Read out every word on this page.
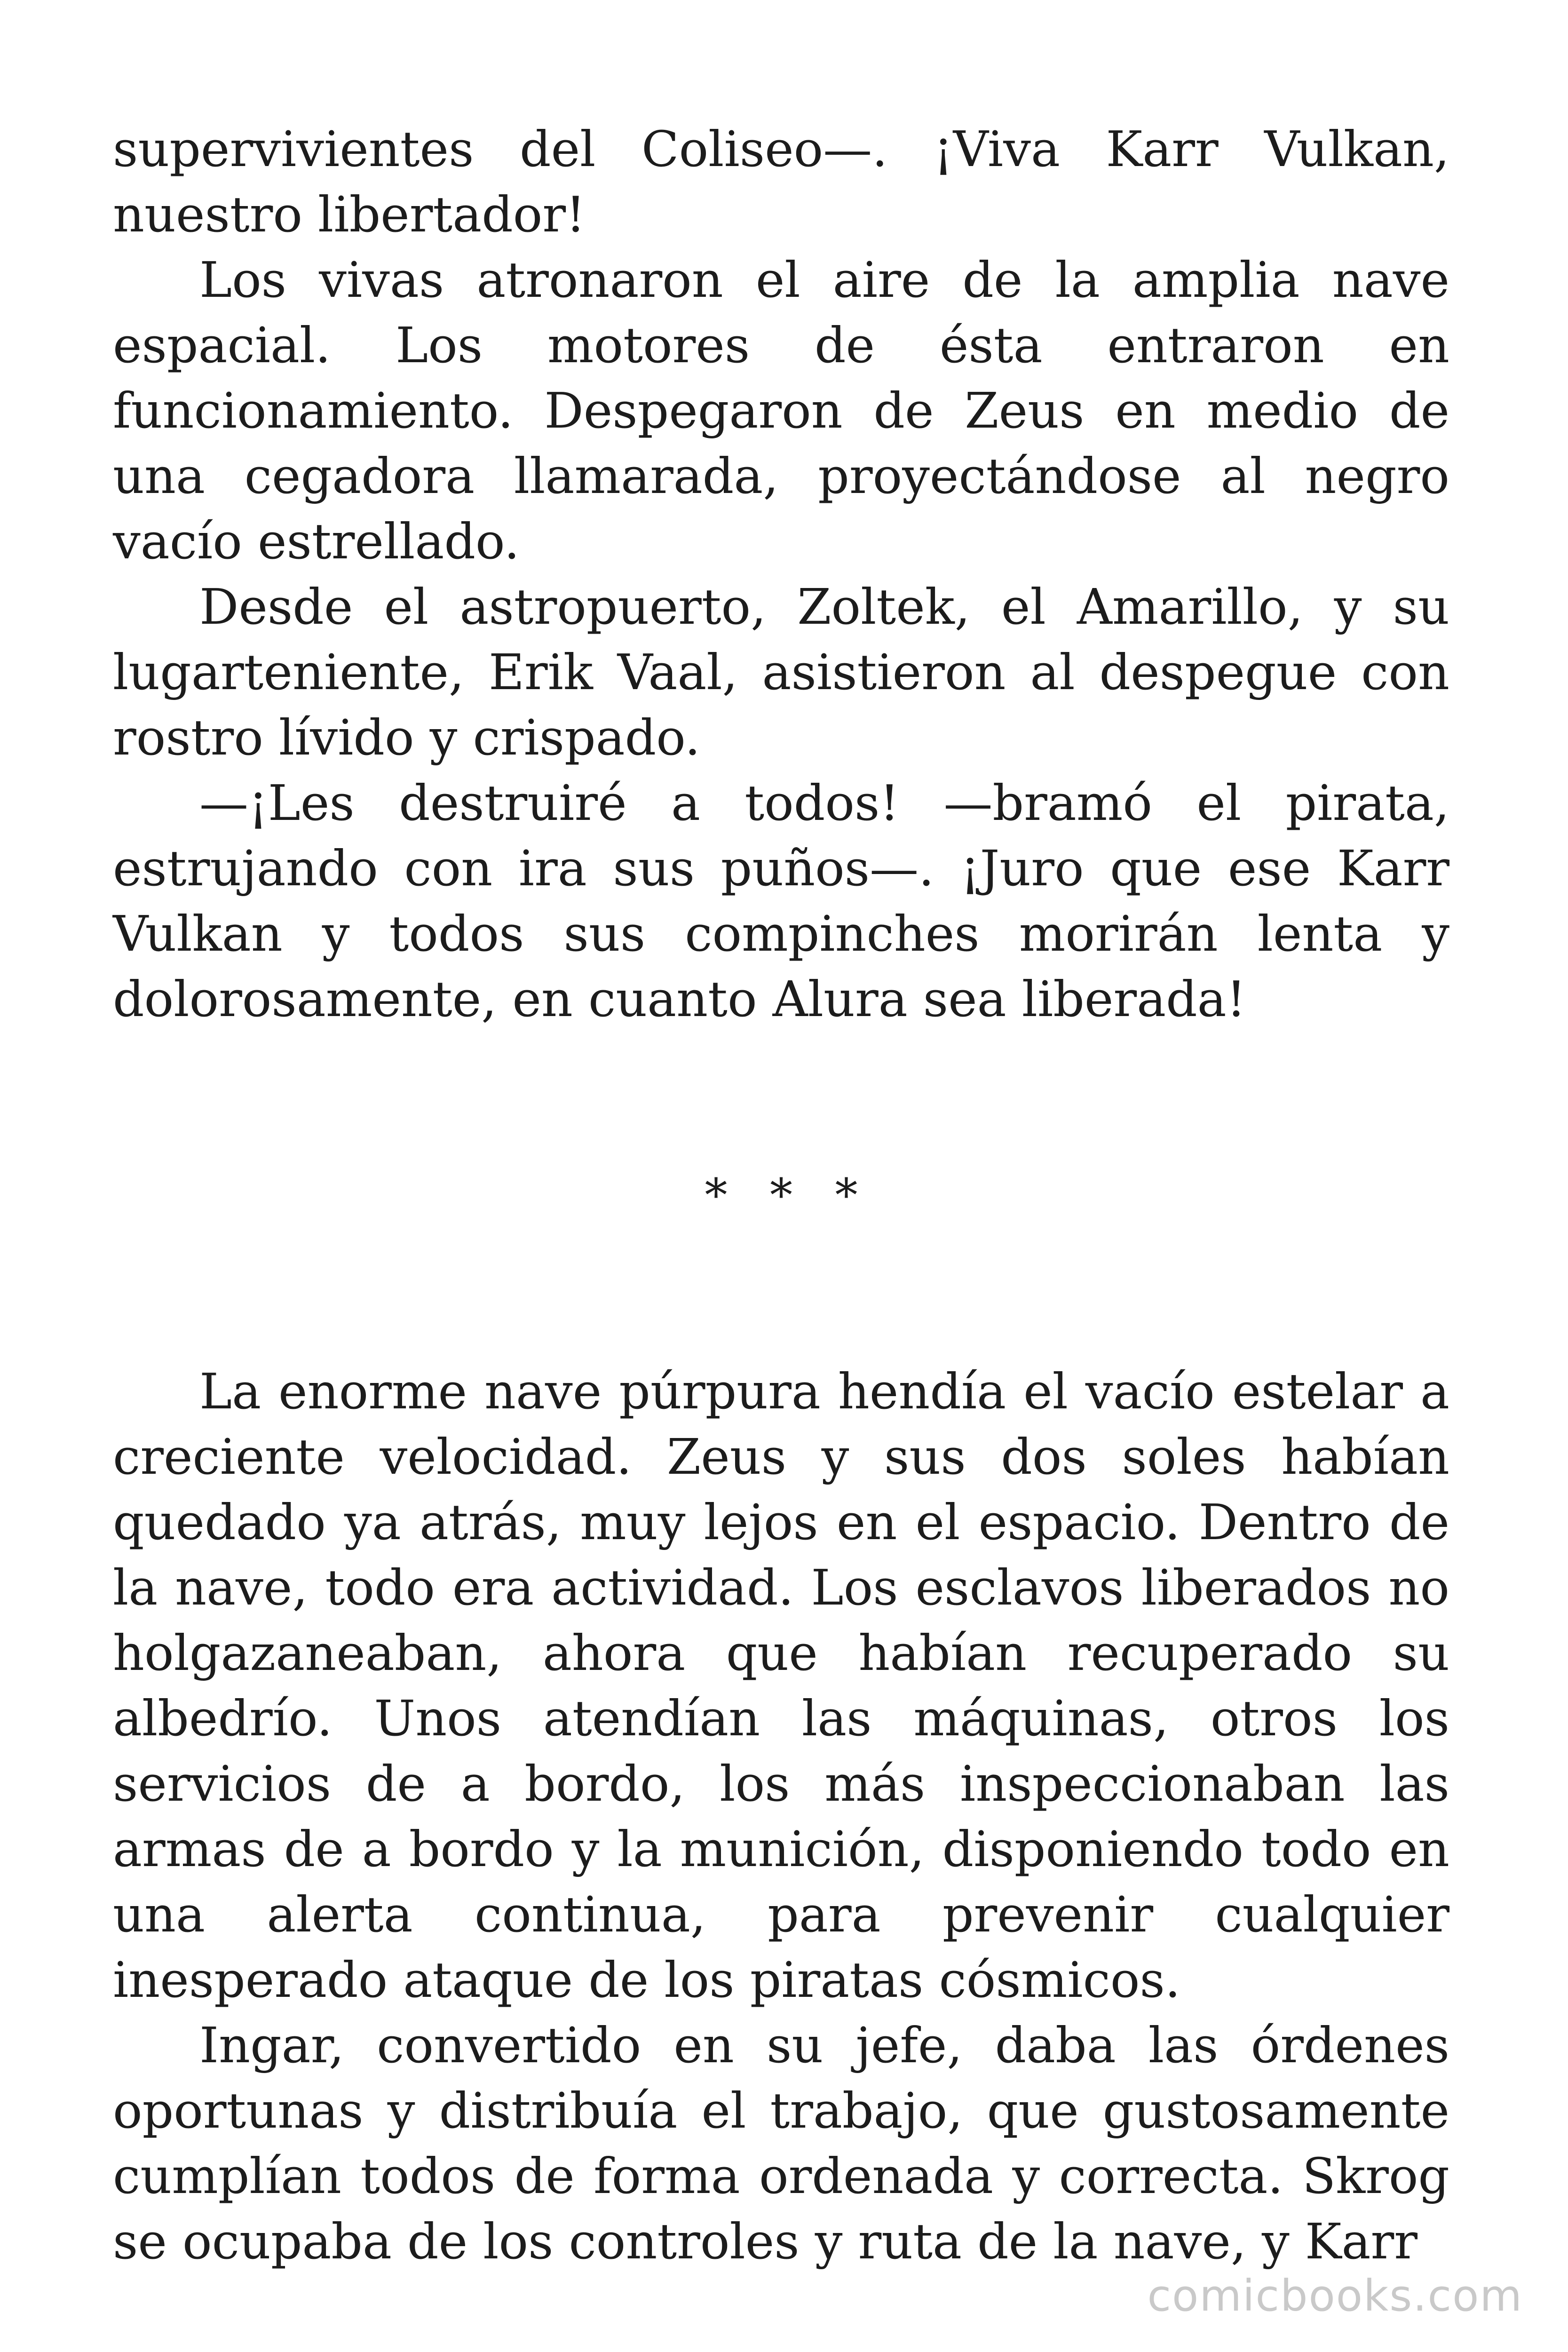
supervivientes del Coliseo—. ¡Viva Karr Vulkan, nuestro libertador!

Los vivas atronaron el aire de la amplia nave espacial. Los motores de ésta entraron en funcionamiento. Despegaron de Zeus en medio de una cegadora llamarada, proyectándose al negro vacío estrellado.

Desde el astropuerto, Zoltek, el Amarillo, y su lugarteniente, Erik Vaal, asistieron al despegue con rostro lívido y crispado.

—¡Les destruiré a todos! —bramó el pirata, estrujando con ira sus puños—. ¡Juro que ese Karr Vulkan y todos sus compinches morirán lenta y dolorosamente, en cuanto Alura sea liberada!

* * *

La enorme nave púrpura hendía el vacío estelar a creciente velocidad. Zeus y sus dos soles habían quedado ya atrás, muy lejos en el espacio. Dentro de la nave, todo era actividad. Los esclavos liberados no holgazaneaban, ahora que habían recuperado su albedrío. Unos atendían las máquinas, otros los servicios de a bordo, los más inspeccionaban las armas de a bordo y la munición, disponiendo todo en una alerta continua, para prevenir cualquier inesperado ataque de los piratas cósmicos.

Ingar, convertido en su jefe, daba las órdenes oportunas y distribuía el trabajo, que gustosamente cumplían todos de forma ordenada y correcta. Skrog se ocupaba de los controles y ruta de la nave, y Karr

comicbooks.com
